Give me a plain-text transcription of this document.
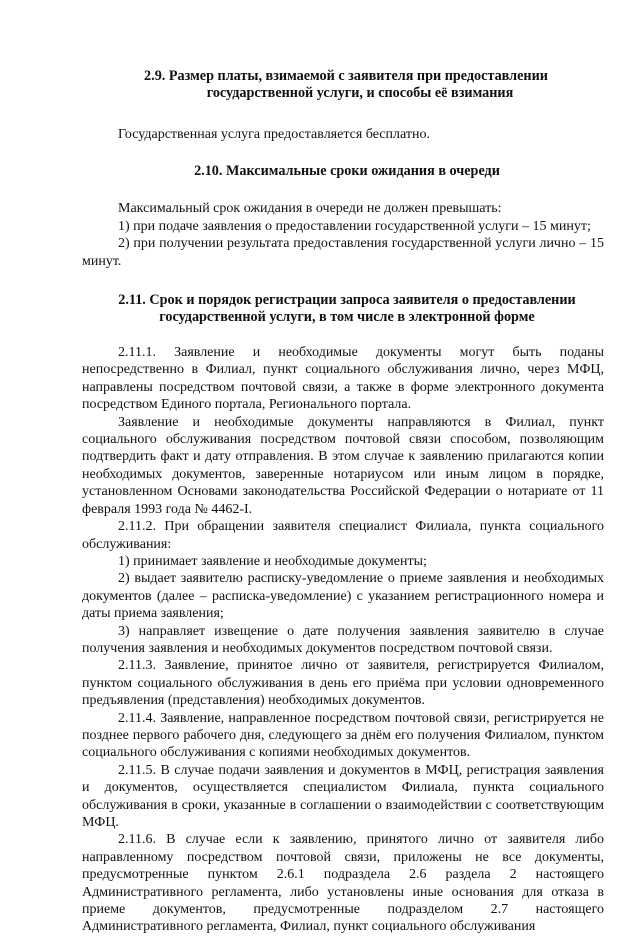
2.9. Размер платы, взимаемой с заявителя при предоставлении
государственной услуги, и способы её взимания

Государственная услуга предоставляется бесплатно.

2.10. Максимальные сроки ожидания в очереди

Максимальный срок ожидания в очереди не должен превышать:

1) при подаче заявления о предоставлении государственной услуги – 15 минут;

2) при получении результата предоставления государственной услуги лично – 15 минут.

2.11. Срок и порядок регистрации запроса заявителя о предоставлении
государственной услуги, в том числе в электронной форме

2.11.1. Заявление и необходимые документы могут быть поданы непосредственно в Филиал, пункт социального обслуживания лично, через МФЦ, направлены посредством почтовой связи, а также в форме электронного документа посредством Единого портала, Регионального портала.

Заявление и необходимые документы направляются в Филиал, пункт социального обслуживания посредством почтовой связи способом, позволяющим подтвердить факт и дату отправления. В этом случае к заявлению прилагаются копии необходимых документов, заверенные нотариусом или иным лицом в порядке, установленном Основами законодательства Российской Федерации о нотариате от 11 февраля 1993 года № 4462-I.

2.11.2. При обращении заявителя специалист Филиала, пункта социального обслуживания:

1) принимает заявление и необходимые документы;

2) выдает заявителю расписку-уведомление о приеме заявления и необходимых документов (далее – расписка-уведомление) с указанием регистрационного номера и даты приема заявления;

3) направляет извещение о дате получения заявления заявителю в случае получения заявления и необходимых документов посредством почтовой связи.

2.11.3. Заявление, принятое лично от заявителя, регистрируется Филиалом, пунктом социального обслуживания в день его приёма при условии одновременного предъявления (представления) необходимых документов.

2.11.4. Заявление, направленное посредством почтовой связи, регистрируется не позднее первого рабочего дня, следующего за днём его получения Филиалом, пунктом социального обслуживания с копиями необходимых документов.

2.11.5. В случае подачи заявления и документов в МФЦ, регистрация заявления и документов, осуществляется специалистом Филиала, пункта социального обслуживания в сроки, указанные в соглашении о взаимодействии с соответствующим МФЦ.

2.11.6. В случае если к заявлению, принятого лично от заявителя либо направленному посредством почтовой связи, приложены не все документы, предусмотренные пунктом 2.6.1 подраздела 2.6 раздела 2 настоящего Административного регламента, либо установлены иные основания для отказа в приеме документов, предусмотренные подразделом 2.7 настоящего Административного регламента, Филиал, пункт социального обслуживания
